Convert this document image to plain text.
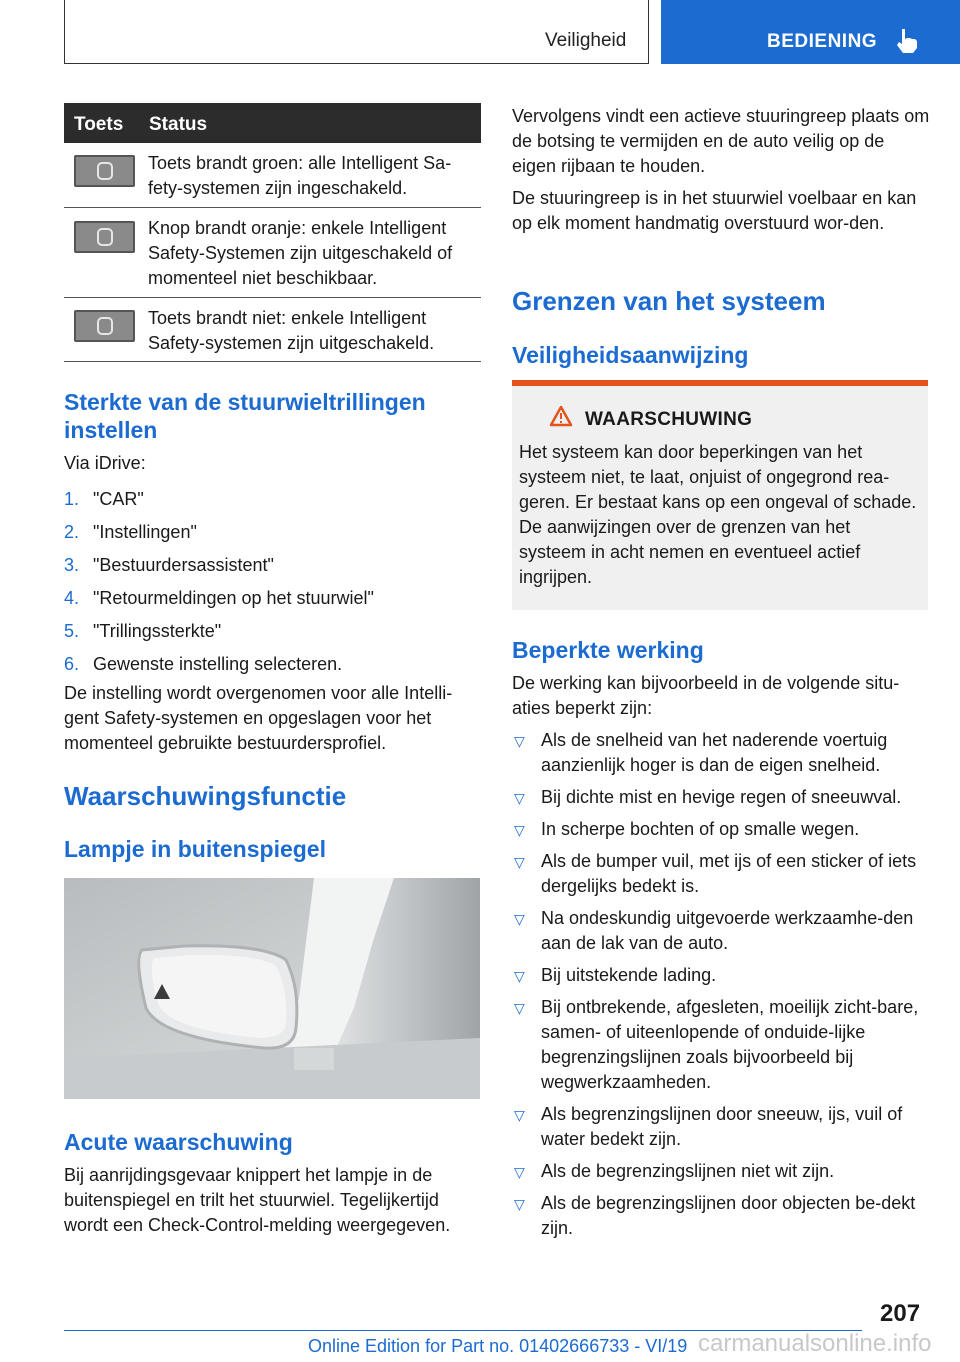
Veiligheid	BEDIENING
Toets Status
Toets brandt groen: alle Intelligent Sa-fety-systemen zijn ingeschakeld.
Knop brandt oranje: enkele Intelligent Safety-Systemen zijn uitgeschakeld of momenteel niet beschikbaar.
Toets brandt niet: enkele Intelligent Safety-systemen zijn uitgeschakeld.
Sterkte van de stuurwieltrillingen
instellen
Via iDrive:
1. "CAR"
2. "Instellingen"
3. "Bestuurdersassistent"
4. "Retourmeldingen op het stuurwiel"
5. "Trillingssterkte"
6. Gewenste instelling selecteren.
De instelling wordt overgenomen voor alle Intelli-gent Safety-systemen en opgeslagen voor het momenteel gebruikte bestuurdersprofiel.
Waarschuwingsfunctie
Lampje in buitenspiegel
Acute waarschuwing
Bij aanrijdingsgevaar knippert het lampje in de buitenspiegel en trilt het stuurwiel. Tegelijkertijd wordt een Check-Control-melding weergegeven.
Vervolgens vindt een actieve stuuringreep plaats om de botsing te vermijden en de auto veilig op de eigen rijbaan te houden.
De stuuringreep is in het stuurwiel voelbaar en kan op elk moment handmatig overstuurd wor-den.
Grenzen van het systeem
Veiligheidsaanwijzing
WAARSCHUWING
Het systeem kan door beperkingen van het systeem niet, te laat, onjuist of ongegrond rea-geren. Er bestaat kans op een ongeval of schade. De aanwijzingen over de grenzen van het systeem in acht nemen en eventueel actief ingrijpen.
Beperkte werking
De werking kan bijvoorbeeld in de volgende situ-aties beperkt zijn:
▽ Als de snelheid van het naderende voertuig aanzienlijk hoger is dan de eigen snelheid.
▽ Bij dichte mist en hevige regen of sneeuwval.
▽ In scherpe bochten of op smalle wegen.
▽ Als de bumper vuil, met ijs of een sticker of iets dergelijks bedekt is.
▽ Na ondeskundig uitgevoerde werkzaamhe-den aan de lak van de auto.
▽ Bij uitstekende lading.
▽ Bij ontbrekende, afgesleten, moeilijk zicht-bare, samen- of uiteenlopende of onduide-lijke begrenzingslijnen zoals bijvoorbeeld bij wegwerkzaamheden.
▽ Als begrenzingslijnen door sneeuw, ijs, vuil of water bedekt zijn.
▽ Als de begrenzingslijnen niet wit zijn.
▽ Als de begrenzingslijnen door objecten be-dekt zijn.
207
Online Edition for Part no. 01402666733 - VI/19 carmanualsonline.info
